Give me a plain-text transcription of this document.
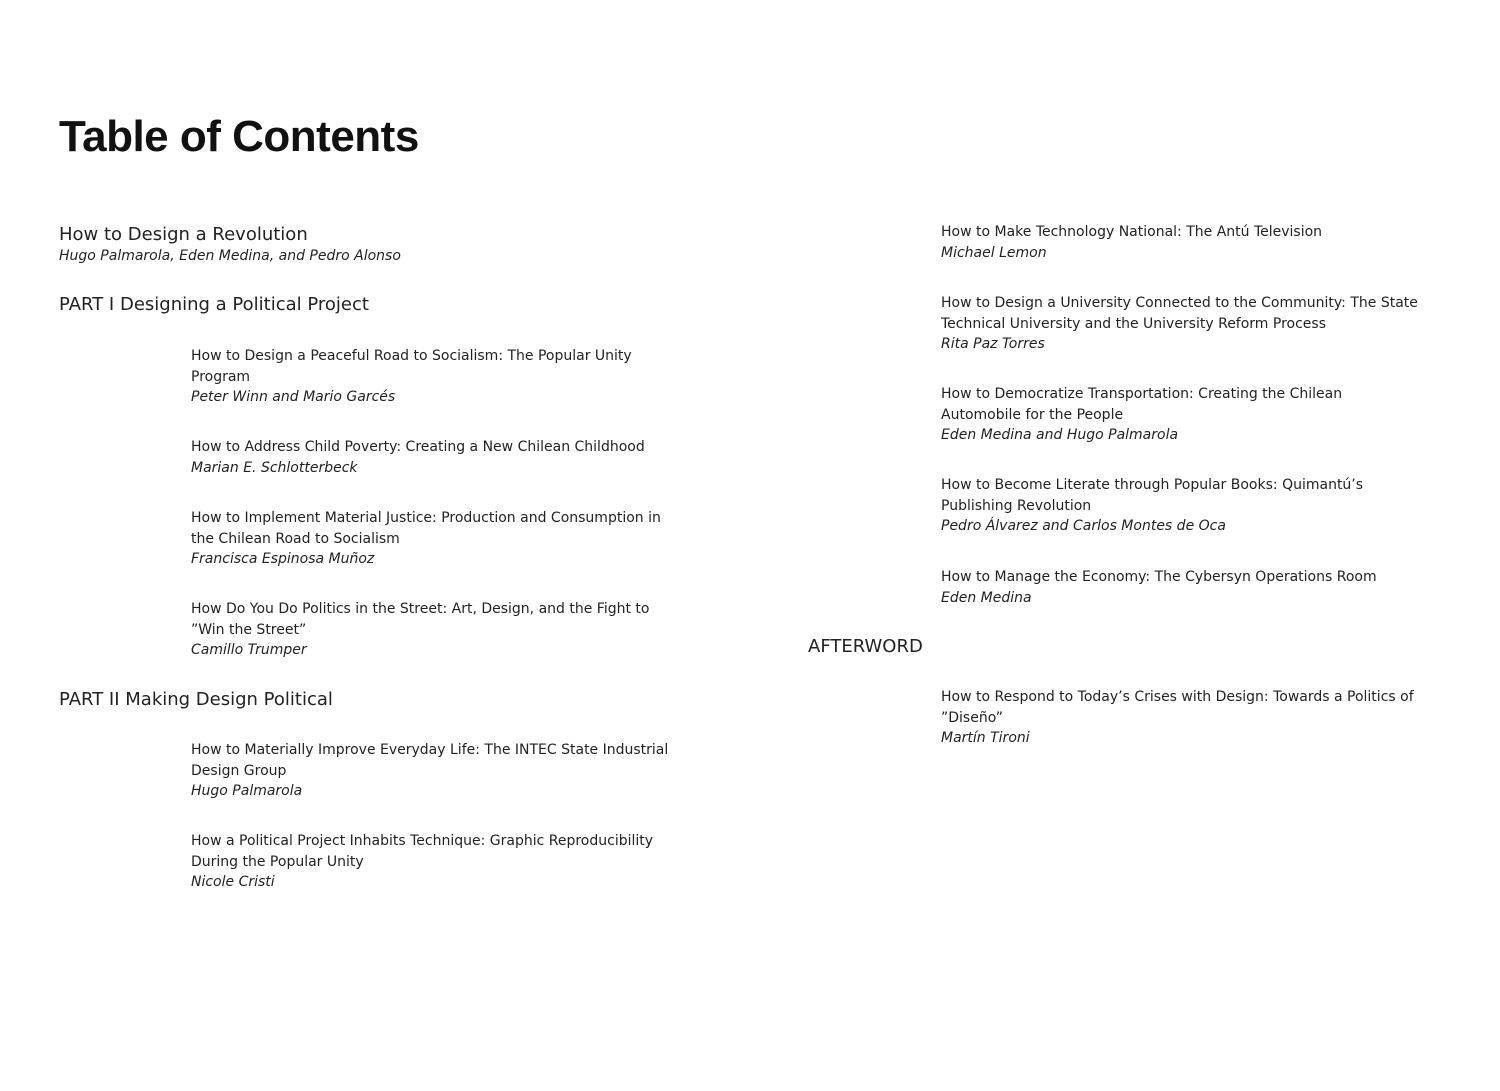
Table of Contents
How to Design a Revolution
Hugo Palmarola, Eden Medina, and Pedro Alonso
PART I Designing a Political Project
How to Design a Peaceful Road to Socialism: The Popular Unity
Program
Peter Winn and Mario Garcés
How to Address Child Poverty: Creating a New Chilean Childhood
Marian E. Schlotterbeck
How to Implement Material Justice: Production and Consumption in
the Chilean Road to Socialism
Francisca Espinosa Muñoz
How Do You Do Politics in the Street: Art, Design, and the Fight to
”Win the Street”
Camillo Trumper
PART II Making Design Political
How to Materially Improve Everyday Life: The INTEC State Industrial
Design Group
Hugo Palmarola
How a Political Project Inhabits Technique: Graphic Reproducibility
During the Popular Unity
Nicole Cristi
How to Make Technology National: The Antú Television
Michael Lemon
How to Design a University Connected to the Community: The State
Technical University and the University Reform Process
Rita Paz Torres
How to Democratize Transportation: Creating the Chilean
Automobile for the People
Eden Medina and Hugo Palmarola
How to Become Literate through Popular Books: Quimantú’s
Publishing Revolution
Pedro Álvarez and Carlos Montes de Oca
How to Manage the Economy: The Cybersyn Operations Room
Eden Medina
AFTERWORD
How to Respond to Today’s Crises with Design: Towards a Politics of
”Diseño”
Martín Tironi
